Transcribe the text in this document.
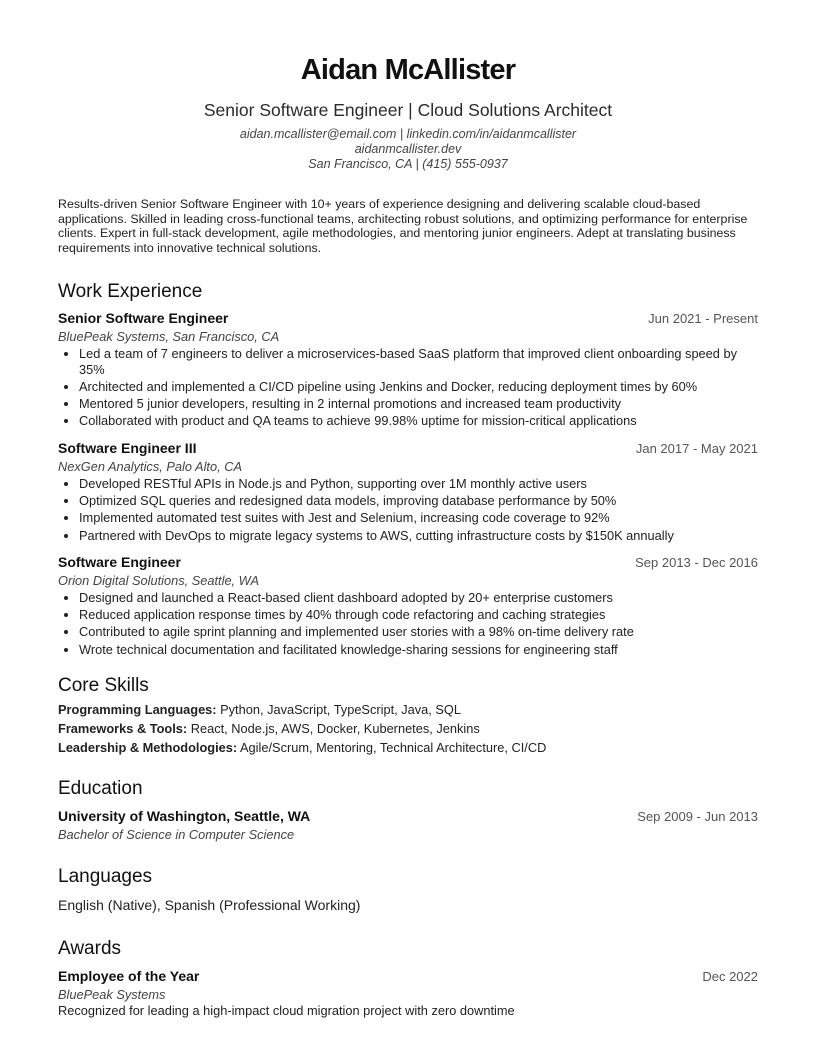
Aidan McAllister
Senior Software Engineer | Cloud Solutions Architect
aidan.mcallister@email.com | linkedin.com/in/aidanmcallister
aidanmcallister.dev
San Francisco, CA | (415) 555-0937
Results-driven Senior Software Engineer with 10+ years of experience designing and delivering scalable cloud-based applications. Skilled in leading cross-functional teams, architecting robust solutions, and optimizing performance for enterprise clients. Expert in full-stack development, agile methodologies, and mentoring junior engineers. Adept at translating business requirements into innovative technical solutions.
Work Experience
Senior Software Engineer	Jun 2021 - Present
BluePeak Systems, San Francisco, CA
• Led a team of 7 engineers to deliver a microservices-based SaaS platform that improved client onboarding speed by 35%
• Architected and implemented a CI/CD pipeline using Jenkins and Docker, reducing deployment times by 60%
• Mentored 5 junior developers, resulting in 2 internal promotions and increased team productivity
• Collaborated with product and QA teams to achieve 99.98% uptime for mission-critical applications
Software Engineer III	Jan 2017 - May 2021
NexGen Analytics, Palo Alto, CA
• Developed RESTful APIs in Node.js and Python, supporting over 1M monthly active users
• Optimized SQL queries and redesigned data models, improving database performance by 50%
• Implemented automated test suites with Jest and Selenium, increasing code coverage to 92%
• Partnered with DevOps to migrate legacy systems to AWS, cutting infrastructure costs by $150K annually
Software Engineer	Sep 2013 - Dec 2016
Orion Digital Solutions, Seattle, WA
• Designed and launched a React-based client dashboard adopted by 20+ enterprise customers
• Reduced application response times by 40% through code refactoring and caching strategies
• Contributed to agile sprint planning and implemented user stories with a 98% on-time delivery rate
• Wrote technical documentation and facilitated knowledge-sharing sessions for engineering staff
Core Skills
Programming Languages: Python, JavaScript, TypeScript, Java, SQL
Frameworks & Tools: React, Node.js, AWS, Docker, Kubernetes, Jenkins
Leadership & Methodologies: Agile/Scrum, Mentoring, Technical Architecture, CI/CD
Education
University of Washington, Seattle, WA	Sep 2009 - Jun 2013
Bachelor of Science in Computer Science
Languages
English (Native), Spanish (Professional Working)
Awards
Employee of the Year	Dec 2022
BluePeak Systems
Recognized for leading a high-impact cloud migration project with zero downtime
